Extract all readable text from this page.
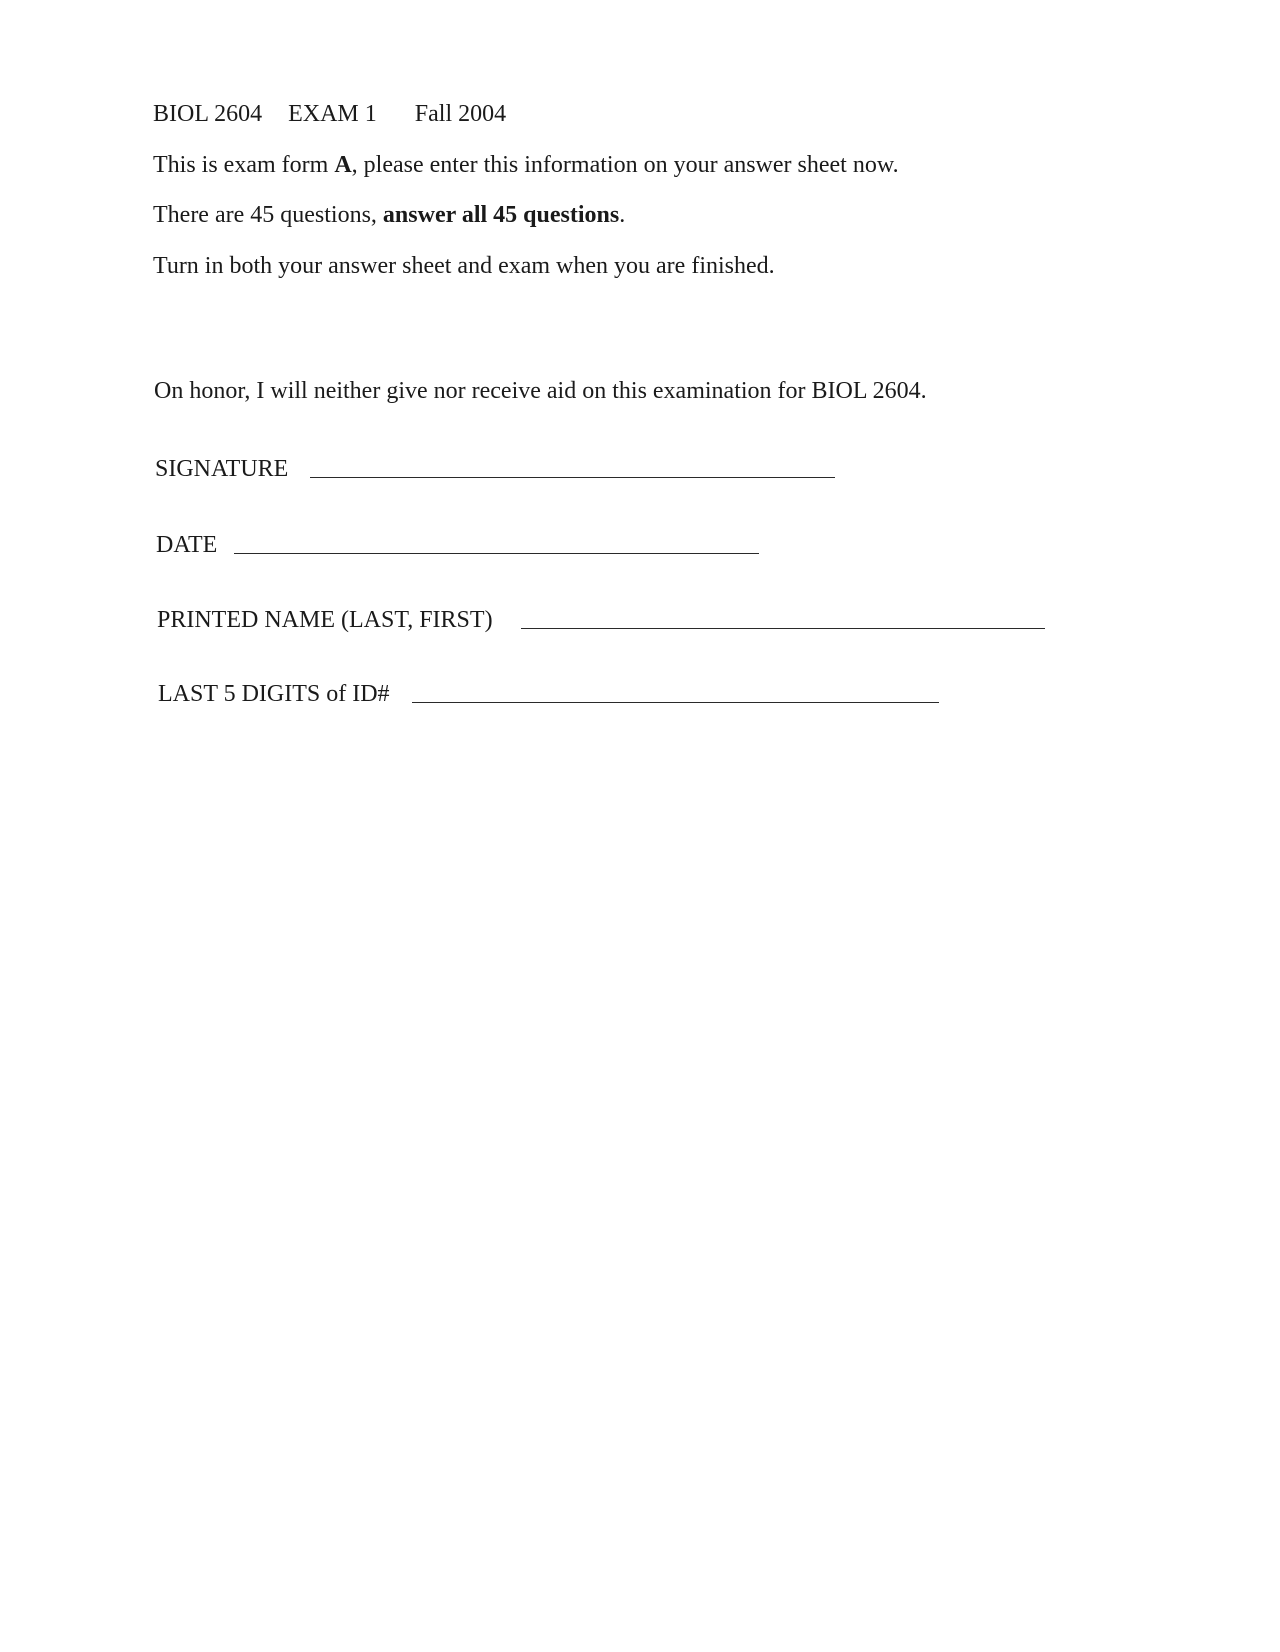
BIOL 2604 EXAM 1 Fall 2004
This is exam form A, please enter this information on your answer sheet now.
There are 45 questions, answer all 45 questions.
Turn in both your answer sheet and exam when you are finished.
On honor, I will neither give nor receive aid on this examination for BIOL 2604.
SIGNATURE
DATE
PRINTED NAME (LAST, FIRST)
LAST 5 DIGITS of ID#
